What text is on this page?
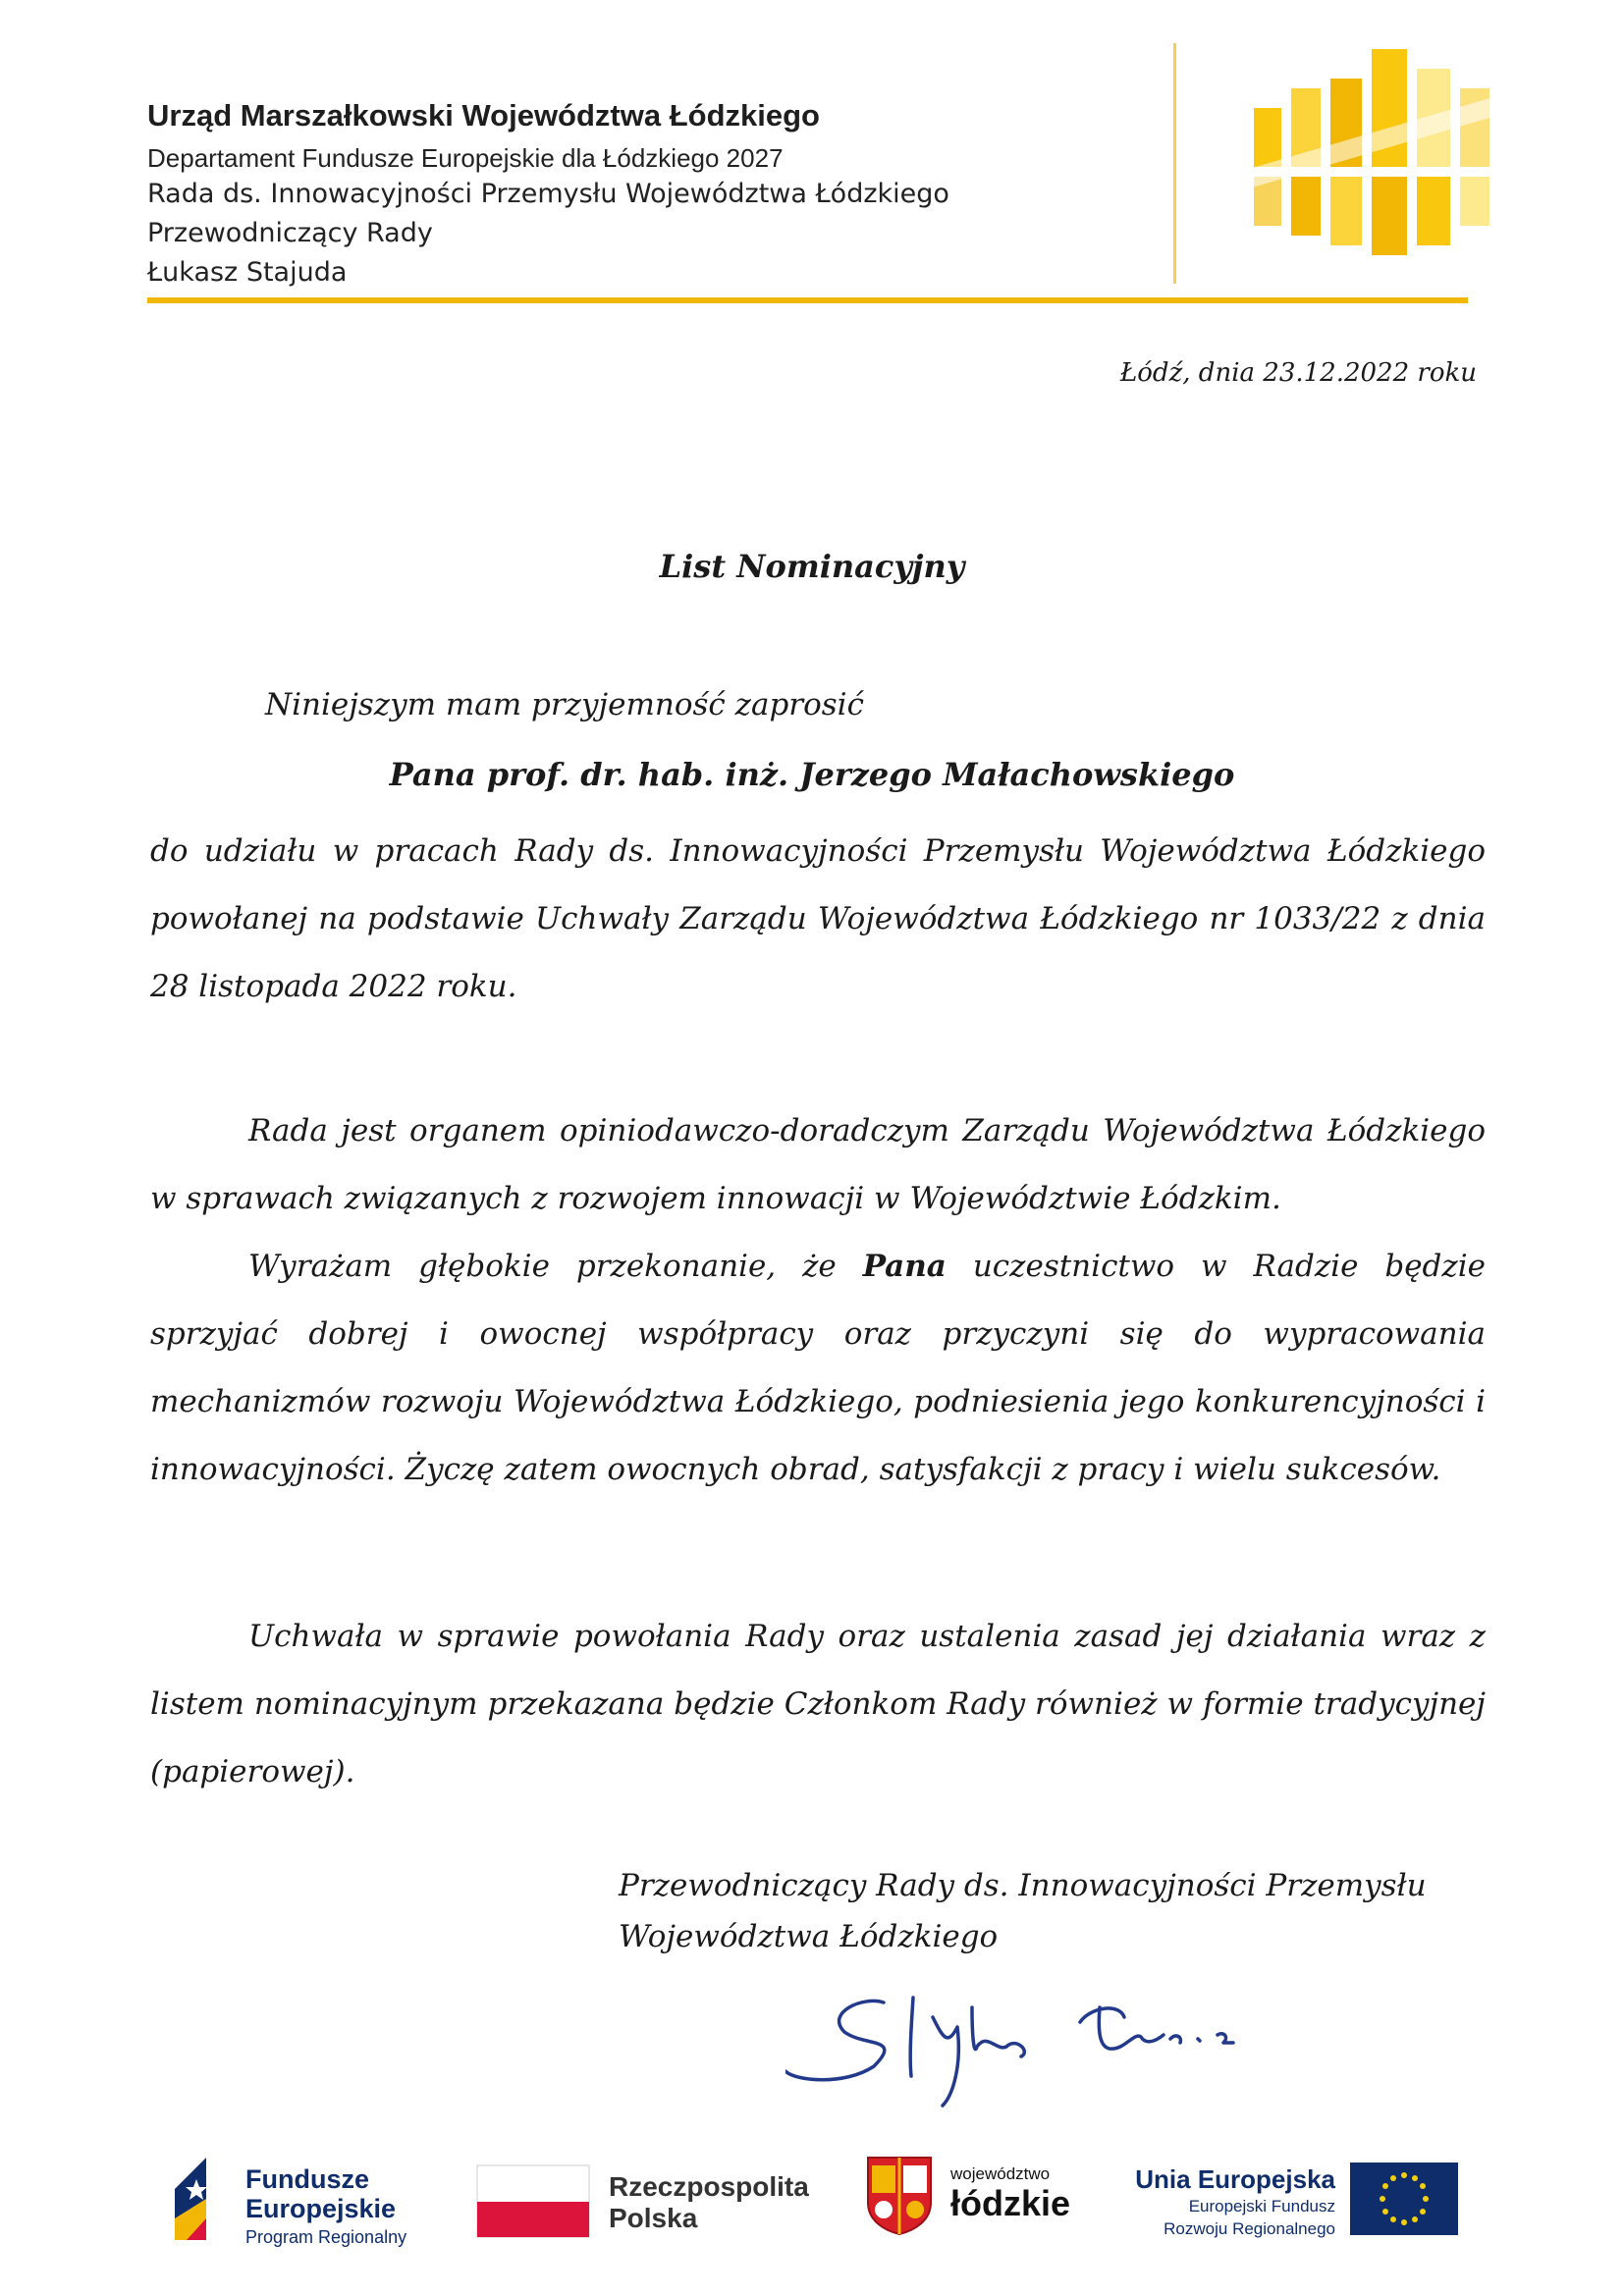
Urząd Marszałkowski Województwa Łódzkiego
Departament Fundusze Europejskie dla Łódzkiego 2027
Rada ds. Innowacyjności Przemysłu Województwa Łódzkiego
Przewodniczący Rady
Łukasz Stajuda
Łódź, dnia 23.12.2022 roku
List Nominacyjny
Niniejszym mam przyjemność zaprosić
Pana prof. dr. hab. inż. Jerzego Małachowskiego
do udziału w pracach Rady ds. Innowacyjności Przemysłu Województwa Łódzkiego powołanej na podstawie Uchwały Zarządu Województwa Łódzkiego nr 1033/22 z dnia 28 listopada 2022 roku.
Rada jest organem opiniodawczo-doradczym Zarządu Województwa Łódzkiego w sprawach związanych z rozwojem innowacji w Województwie Łódzkim.
Wyrażam głębokie przekonanie, że Pana uczestnictwo w Radzie będzie sprzyjać dobrej i owocnej współpracy oraz przyczyni się do wypracowania mechanizmów rozwoju Województwa Łódzkiego, podniesienia jego konkurencyjności i innowacyjności. Życzę zatem owocnych obrad, satysfakcji z pracy i wielu sukcesów.
Uchwała w sprawie powołania Rady oraz ustalenia zasad jej działania wraz z listem nominacyjnym przekazana będzie Członkom Rady również w formie tradycyjnej (papierowej).
Przewodniczący Rady ds. Innowacyjności Przemysłu
Województwa Łódzkiego
Fundusze
Europejskie
Program Regionalny
Rzeczpospolita
Polska
województwo
łódzkie
Unia Europejska
Europejski Fundusz
Rozwoju Regionalnego
